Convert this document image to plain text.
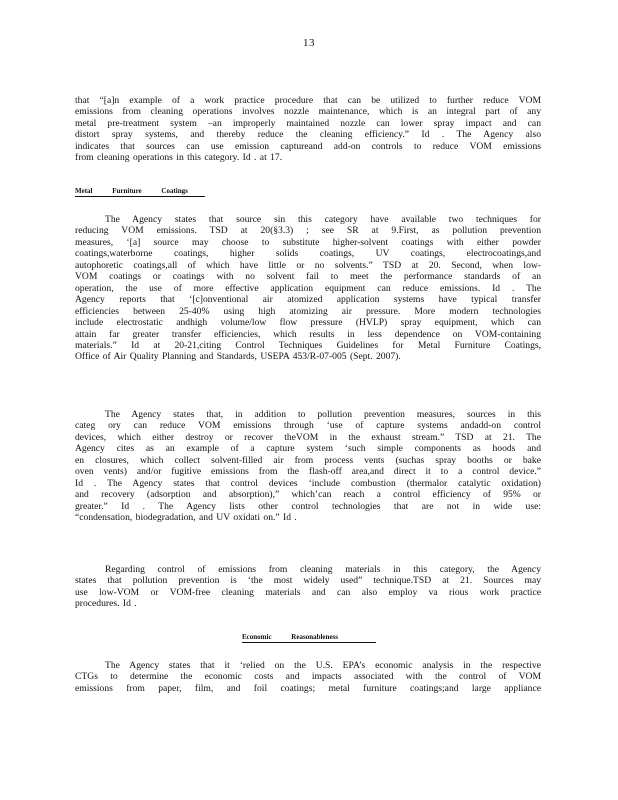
13
that “[a]n example of a work practice procedure that can be utilized to further reduce VOM
emissions from cleaning operations involves nozzle maintenance, which is an integral part of any
metal pre-treatment system –an improperly maintained nozzle can lower spray impact and can
distort spray systems, and thereby reduce the cleaning efficiency.” Id . The Agency also
indicates that sources can use emission captureand add-on controls to reduce VOM emissions
from cleaning operations in this category. Id . at 17.
Metal Furniture Coatings
The Agency states that source sin this category have available two techniques for
reducing VOM emissions. TSD at 20(§3.3) ; see SR at 9.First, as pollution prevention
measures, ‘[a] source may choose to substitute higher-solvent coatings with either powder
coatings,waterborne coatings, higher solids coatings, UV coatings, electrocoatings,and
autophoretic coatings,all of which have little or no solvents.” TSD at 20. Second, when low-
VOM coatings or coatings with no solvent fail to meet the performance standards of an
operation, the use of more effective application equipment can reduce emissions. Id . The
Agency reports that ‘[c]onventional air atomized application systems have typical transfer
efficiencies between 25-40% using high atomizing air pressure. More modern technologies
include electrostatic andhigh volume/low flow pressure (HVLP) spray equipment, which can
attain far greater transfer efficiencies, which results in less dependence on VOM-containing
materials.” Id at 20-21,citing Control Techniques Guidelines for Metal Furniture Coatings,
Office of Air Quality Planning and Standards, USEPA 453/R-07-005 (Sept. 2007).
The Agency states that, in addition to pollution prevention measures, sources in this
categ ory can reduce VOM emissions through ‘use of capture systems andadd-on control
devices, which either destroy or recover theVOM in the exhaust stream.” TSD at 21. The
Agency cites as an example of a capture system ‘such simple components as hoods and
en closures, which collect solvent-filled air from process vents (suchas spray booths or bake
oven vents) and/or fugitive emissions from the flash-off area,and direct it to a control device.”
Id . The Agency states that control devices ‘include combustion (thermalor catalytic oxidation)
and recovery (adsorption and absorption),” which’can reach a control efficiency of 95% or
greater.” Id . The Agency lists other control technologies that are not in wide use:
“condensation, biodegradation, and UV oxidati on.” Id .
Regarding control of emissions from cleaning materials in this category, the Agency
states that pollution prevention is ‘the most widely used” technique.TSD at 21. Sources may
use low-VOM or VOM-free cleaning materials and can also employ va rious work practice
procedures. Id .
Economic Reasonableness
The Agency states that it ‘relied on the U.S. EPA’s economic analysis in the respective
CTGs to determine the economic costs and impacts associated with the control of VOM
emissions from paper, film, and foil coatings; metal furniture coatings;and large appliance
